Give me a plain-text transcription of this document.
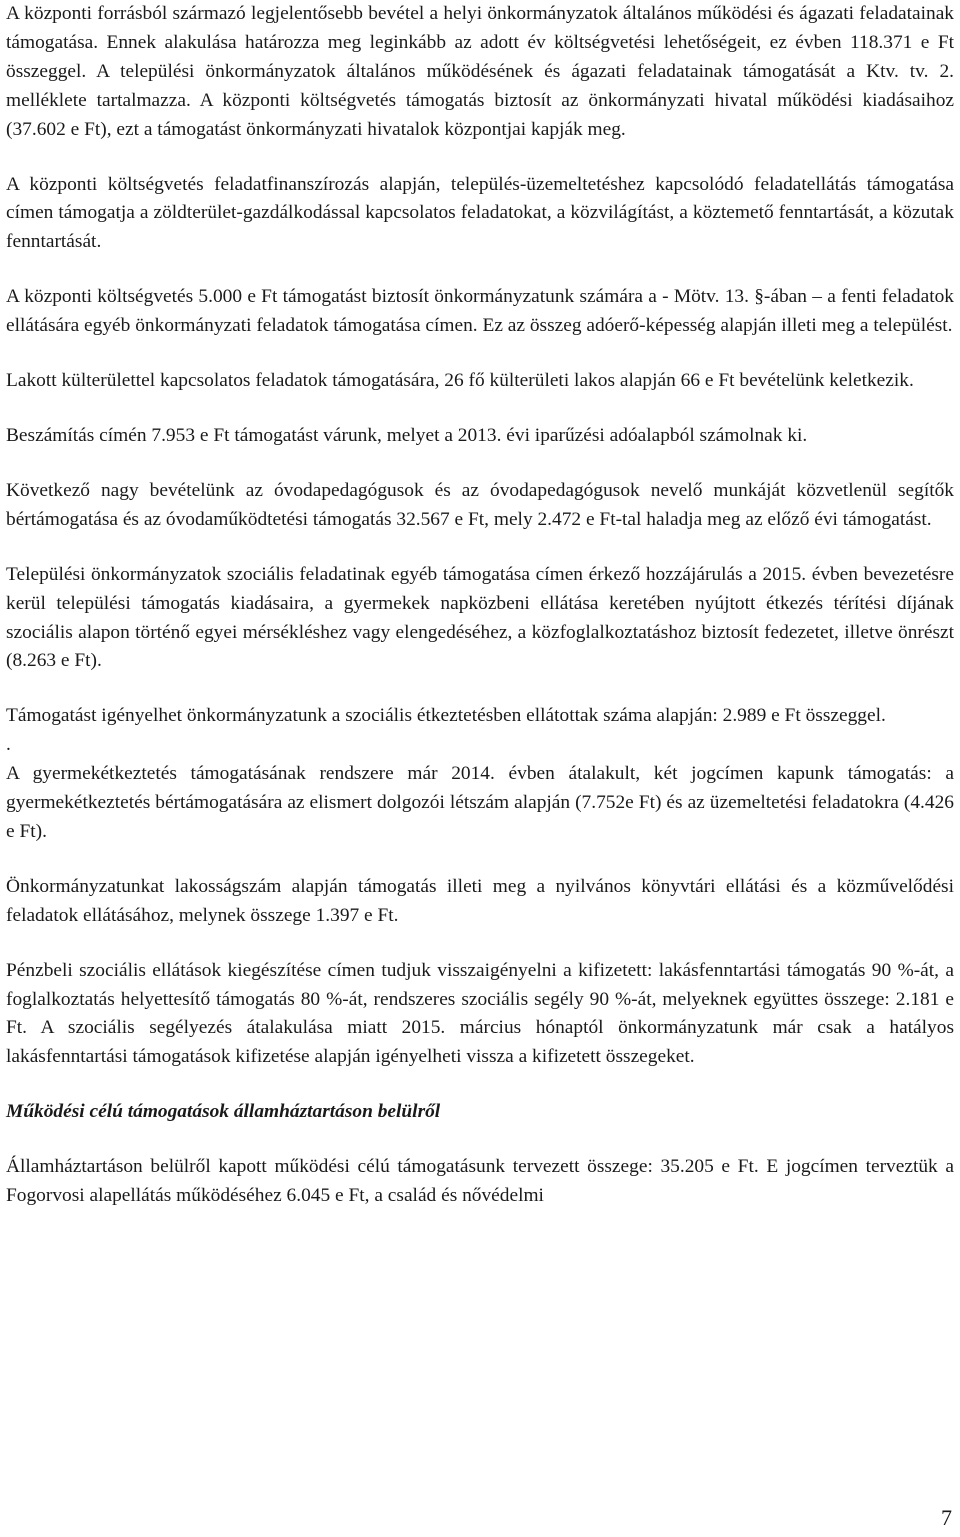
A központi forrásból származó legjelentősebb bevétel a helyi önkormányzatok általános működési és ágazati feladatainak támogatása. Ennek alakulása határozza meg leginkább az adott év költségvetési lehetőségeit, ez évben 118.371 e Ft összeggel. A települési önkormányzatok általános működésének és ágazati feladatainak támogatását a Ktv. tv. 2. melléklete tartalmazza. A központi költségvetés támogatás biztosít az önkormányzati hivatal működési kiadásaihoz (37.602 e Ft), ezt a támogatást önkormányzati hivatalok központjai kapják meg.

A központi költségvetés feladatfinanszírozás alapján, település-üzemeltetéshez kapcsolódó feladatellátás támogatása címen támogatja a zöldterület-gazdálkodással kapcsolatos feladatokat, a közvilágítást, a köztemető fenntartását, a közutak fenntartását.

A központi költségvetés 5.000 e Ft támogatást biztosít önkormányzatunk számára a - Mötv. 13. §-ában – a fenti feladatok ellátására egyéb önkormányzati feladatok támogatása címen. Ez az összeg adóerő-képesség alapján illeti meg a települést.

Lakott külterülettel kapcsolatos feladatok támogatására, 26 fő külterületi lakos alapján 66 e Ft bevételünk keletkezik.

Beszámítás címén 7.953 e Ft támogatást várunk, melyet a 2013. évi iparűzési adóalapból számolnak ki.

Következő nagy bevételünk az óvodapedagógusok és az óvodapedagógusok nevelő munkáját közvetlenül segítők bértámogatása és az óvodaműködtetési támogatás 32.567 e Ft, mely 2.472 e Ft-tal haladja meg az előző évi támogatást.

Települési önkormányzatok szociális feladatinak egyéb támogatása címen érkező hozzájárulás a 2015. évben bevezetésre kerül települési támogatás kiadásaira, a gyermekek napközbeni ellátása keretében nyújtott étkezés térítési díjának szociális alapon történő egyei mérsékléshez vagy elengedéséhez, a közfoglalkoztatáshoz biztosít fedezetet, illetve önrészt (8.263 e Ft).

Támogatást igényelhet önkormányzatunk a szociális étkeztetésben ellátottak száma alapján: 2.989 e Ft összeggel.

.

A gyermekétkeztetés támogatásának rendszere már 2014. évben átalakult, két jogcímen kapunk támogatás: a gyermekétkeztetés bértámogatására az elismert dolgozói létszám alapján (7.752e Ft) és az üzemeltetési feladatokra (4.426 e Ft).

Önkormányzatunkat lakosságszám alapján támogatás illeti meg a nyilvános könyvtári ellátási és a közművelődési feladatok ellátásához, melynek összege 1.397 e Ft.

Pénzbeli szociális ellátások kiegészítése címen tudjuk visszaigényelni a kifizetett: lakásfenntartási támogatás 90 %-át, a foglalkoztatás helyettesítő támogatás 80 %-át, rendszeres szociális segély 90 %-át, melyeknek együttes összege: 2.181 e Ft. A szociális segélyezés átalakulása miatt 2015. március hónaptól önkormányzatunk már csak a hatályos lakásfenntartási támogatások kifizetése alapján igényelheti vissza a kifizetett összegeket.

Működési célú támogatások államháztartáson belülről

Államháztartáson belülről kapott működési célú támogatásunk tervezett összege: 35.205 e Ft. E jogcímen terveztük a Fogorvosi alapellátás működéséhez 6.045 e Ft, a család és nővédelmi

7
